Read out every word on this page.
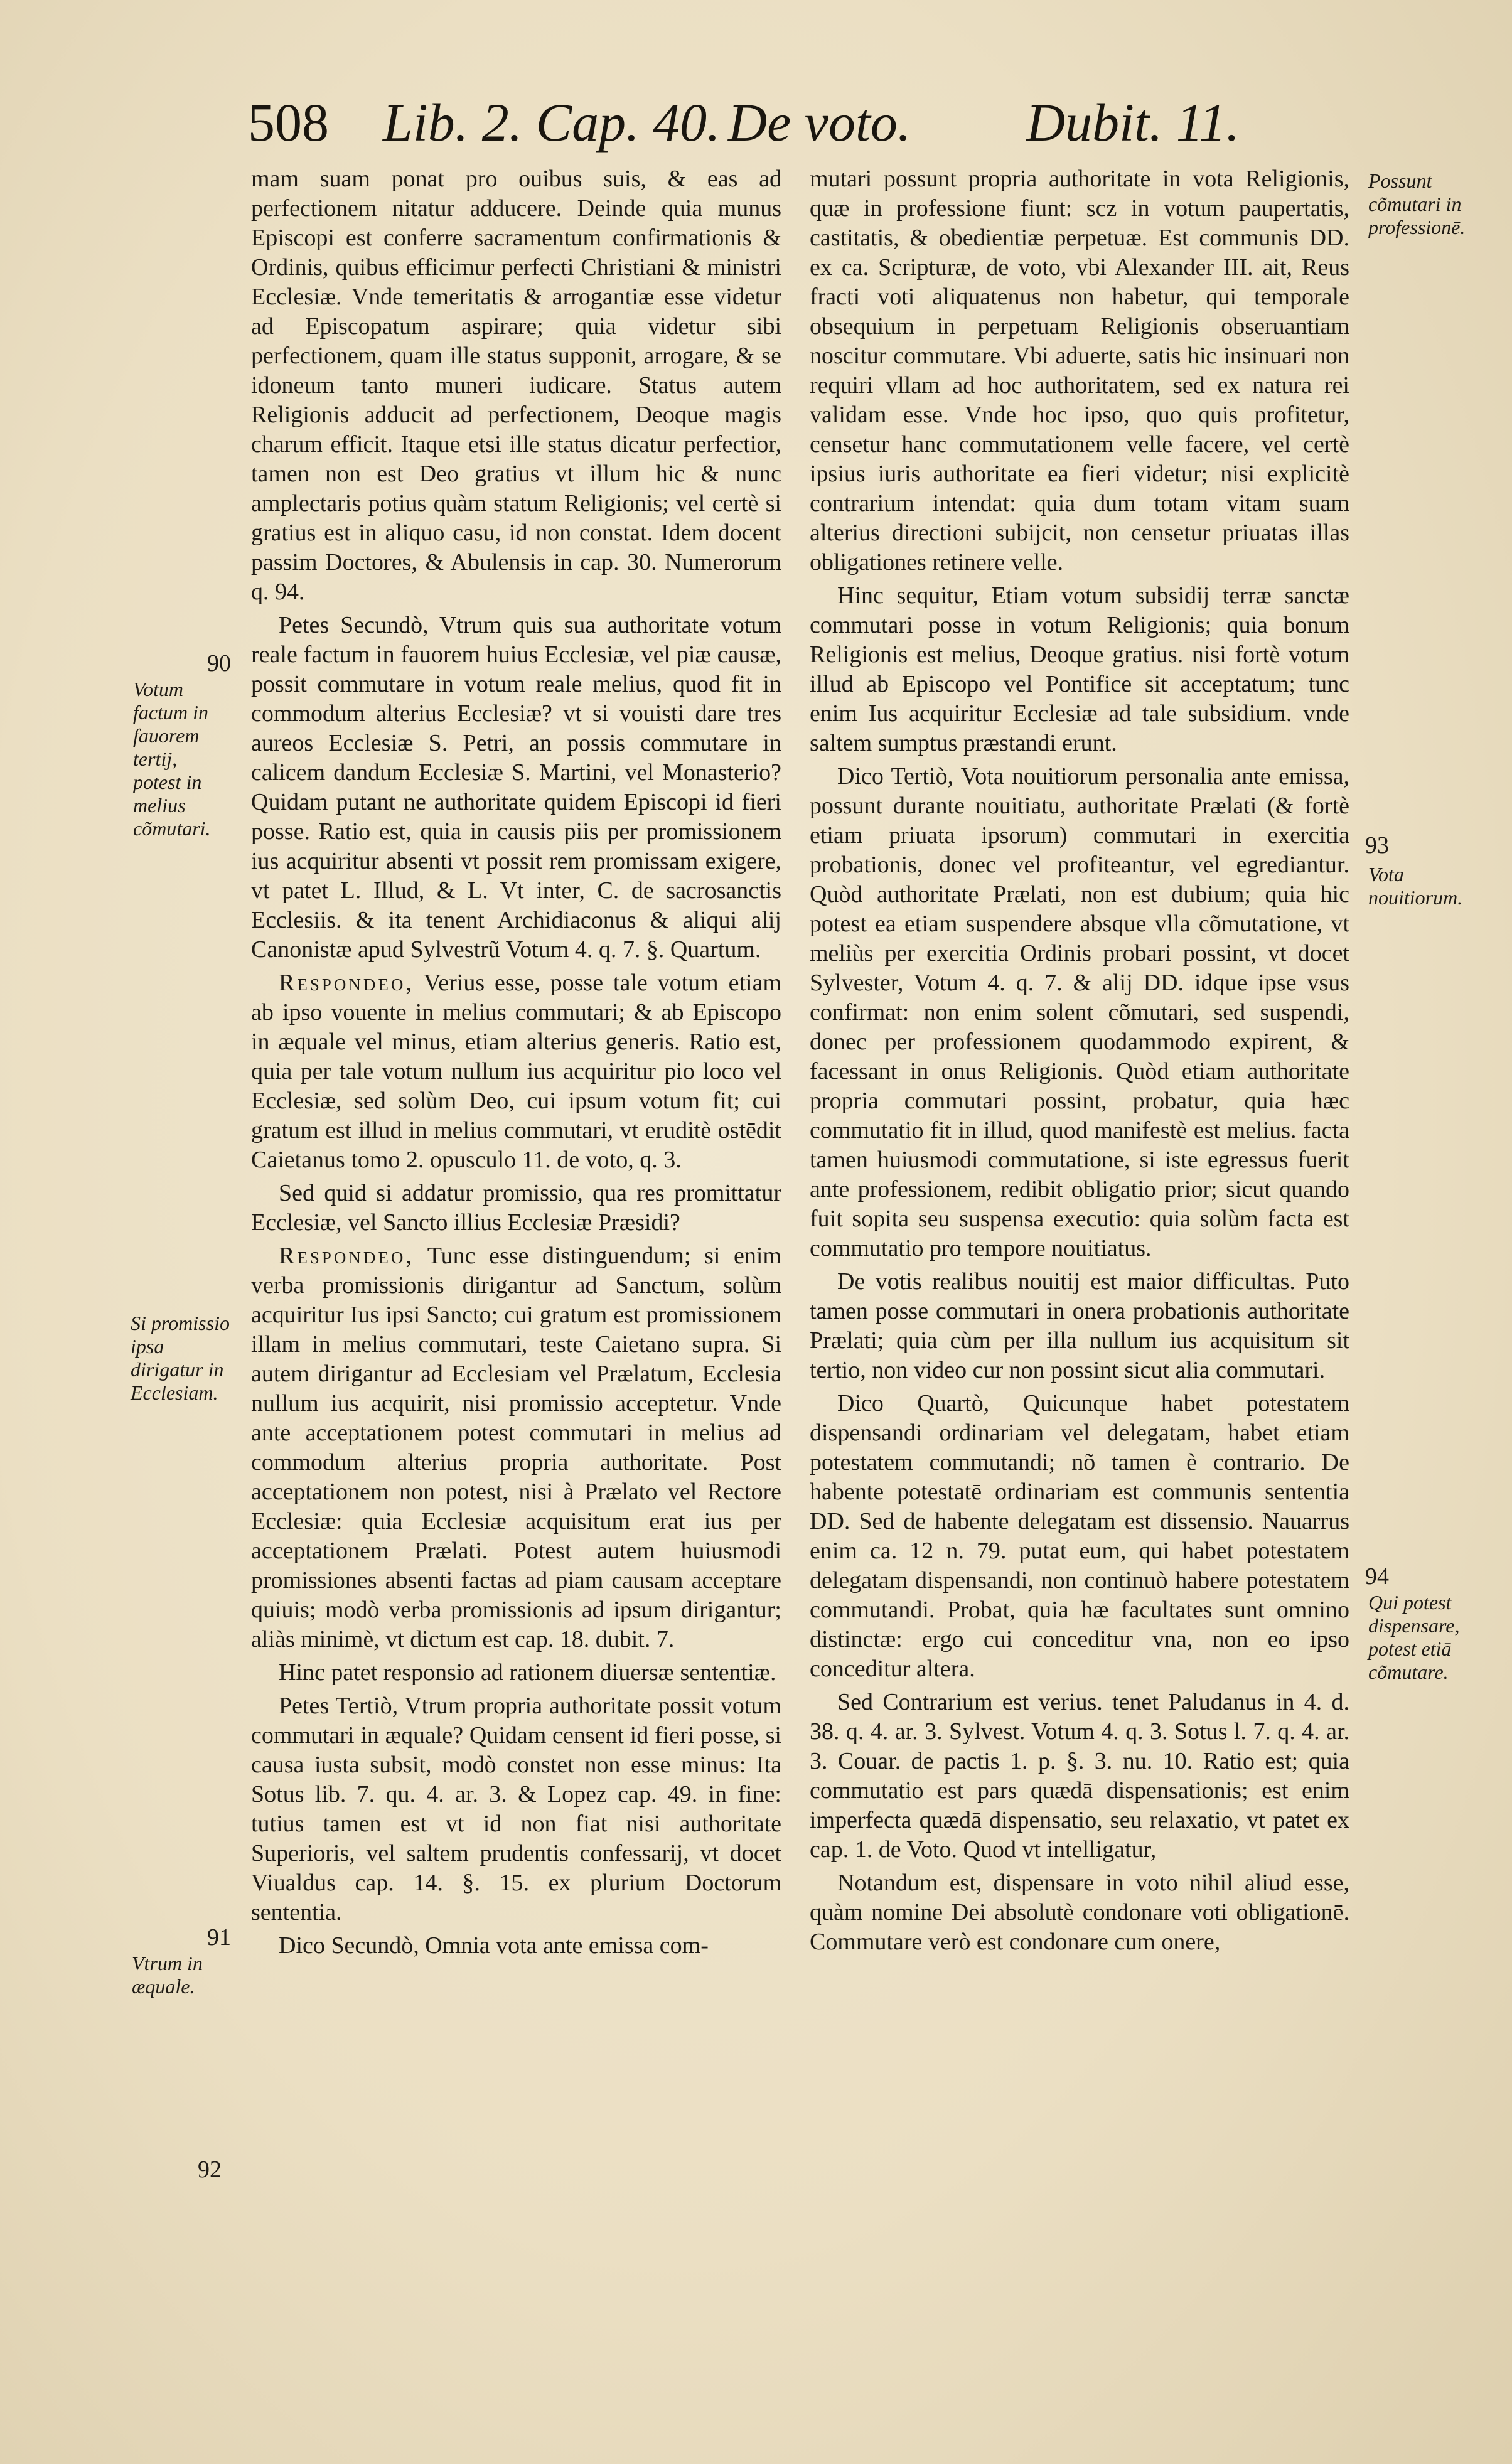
508 Lib. 2. Cap. 40. De voto. Dubit. 11.

mam suam ponat pro ouibus suis, & eas ad perfectionem nitatur adducere. Deinde quia munus Episcopi est conferre sacramentum confirmationis & Ordinis, quibus efficimur perfecti Christiani & ministri Ecclesiæ. Vnde temeritatis & arrogantiæ esse videtur ad Episcopatum aspirare; quia videtur sibi perfectionem, quam ille status supponit, arrogare, & se idoneum tanto muneri iudicare. Status autem Religionis adducit ad perfectionem, Deoque magis charum efficit. Itaque etsi ille status dicatur perfectior, tamen non est Deo gratius vt illum hic & nunc amplectaris potius quàm statum Religionis; vel certè si gratius est in aliquo casu, id non constat. Idem docent passim Doctores, & Abulensis in cap. 30. Numerorum q. 94.

Petes Secundò, Vtrum quis sua authoritate votum reale factum in fauorem huius Ecclesiæ, vel piæ causæ, possit commutare in votum reale melius, quod fit in commodum alterius Ecclesiæ? vt si vouisti dare tres aureos Ecclesiæ S. Petri, an possis commutare in calicem dandum Ecclesiæ S. Martini, vel Monasterio? Quidam putant ne authoritate quidem Episcopi id fieri posse. Ratio est, quia in causis piis per promissionem ius acquiritur absenti vt possit rem promissam exigere, vt patet L. Illud, & L. Vt inter, C. de sacrosanctis Ecclesiis. & ita tenent Archidiaconus & aliqui alij Canonistæ apud Sylvestrũ Votum 4. q. 7. §. Quartum.

Respondeo, Verius esse, posse tale votum etiam ab ipso vouente in melius commutari; & ab Episcopo in æquale vel minus, etiam alterius generis. Ratio est, quia per tale votum nullum ius acquiritur pio loco vel Ecclesiæ, sed solùm Deo, cui ipsum votum fit; cui gratum est illud in melius commutari, vt eruditè ostēdit Caietanus tomo 2. opusculo 11. de voto, q. 3.

Sed quid si addatur promissio, qua res promittatur Ecclesiæ, vel Sancto illius Ecclesiæ Præsidi?

Respondeo, Tunc esse distinguendum; si enim verba promissionis dirigantur ad Sanctum, solùm acquiritur Ius ipsi Sancto; cui gratum est promissionem illam in melius commutari, teste Caietano supra. Si autem dirigantur ad Ecclesiam vel Prælatum, Ecclesia nullum ius acquirit, nisi promissio acceptetur. Vnde ante acceptationem potest commutari in melius ad commodum alterius propria authoritate. Post acceptationem non potest, nisi à Prælato vel Rectore Ecclesiæ: quia Ecclesiæ acquisitum erat ius per acceptationem Prælati. Potest autem huiusmodi promissiones absenti factas ad piam causam acceptare quiuis; modò verba promissionis ad ipsum dirigantur; aliàs minimè, vt dictum est cap. 18. dubit. 7.

Hinc patet responsio ad rationem diuersæ sententiæ.

Petes Tertiò, Vtrum propria authoritate possit votum commutari in æquale? Quidam censent id fieri posse, si causa iusta subsit, modò constet non esse minus: Ita Sotus lib. 7. qu. 4. ar. 3. & Lopez cap. 49. in fine: tutius tamen est vt id non fiat nisi authoritate Superioris, vel saltem prudentis confessarij, vt docet Viualdus cap. 14. §. 15. ex plurium Doctorum sententia.

Dico Secundò, Omnia vota ante emissa com-

mutari possunt propria authoritate in vota Religionis, quæ in professione fiunt: scz in votum paupertatis, castitatis, & obedientiæ perpetuæ. Est communis DD. ex ca. Scripturæ, de voto, vbi Alexander III. ait, Reus fracti voti aliquatenus non habetur, qui temporale obsequium in perpetuam Religionis obseruantiam noscitur commutare. Vbi aduerte, satis hic insinuari non requiri vllam ad hoc authoritatem, sed ex natura rei validam esse. Vnde hoc ipso, quo quis profitetur, censetur hanc commutationem velle facere, vel certè ipsius iuris authoritate ea fieri videtur; nisi explicitè contrarium intendat: quia dum totam vitam suam alterius directioni subijcit, non censetur priuatas illas obligationes retinere velle.

Hinc sequitur, Etiam votum subsidij terræ sanctæ commutari posse in votum Religionis; quia bonum Religionis est melius, Deoque gratius. nisi fortè votum illud ab Episcopo vel Pontifice sit acceptatum; tunc enim Ius acquiritur Ecclesiæ ad tale subsidium. vnde saltem sumptus præstandi erunt.

Dico Tertiò, Vota nouitiorum personalia ante emissa, possunt durante nouitiatu, authoritate Prælati (& fortè etiam priuata ipsorum) commutari in exercitia probationis, donec vel profiteantur, vel egrediantur. Quòd authoritate Prælati, non est dubium; quia hic potest ea etiam suspendere absque vlla cõmutatione, vt meliùs per exercitia Ordinis probari possint, vt docet Sylvester, Votum 4. q. 7. & alij DD. idque ipse vsus confirmat: non enim solent cõmutari, sed suspendi, donec per professionem quodammodo expirent, & facessant in onus Religionis. Quòd etiam authoritate propria commutari possint, probatur, quia hæc commutatio fit in illud, quod manifestè est melius. facta tamen huiusmodi commutatione, si iste egressus fuerit ante professionem, redibit obligatio prior; sicut quando fuit sopita seu suspensa executio: quia solùm facta est commutatio pro tempore nouitiatus.

De votis realibus nouitij est maior difficultas. Puto tamen posse commutari in onera probationis authoritate Prælati; quia cùm per illa nullum ius acquisitum sit tertio, non video cur non possint sicut alia commutari.

Dico Quartò, Quicunque habet potestatem dispensandi ordinariam vel delegatam, habet etiam potestatem commutandi; nõ tamen è contrario. De habente potestatē ordinariam est communis sententia DD. Sed de habente delegatam est dissensio. Nauarrus enim ca. 12 n. 79. putat eum, qui habet potestatem delegatam dispensandi, non continuò habere potestatem commutandi. Probat, quia hæ facultates sunt omnino distinctæ: ergo cui conceditur vna, non eo ipso conceditur altera.

Sed Contrarium est verius. tenet Paludanus in 4. d. 38. q. 4. ar. 3. Sylvest. Votum 4. q. 3. Sotus l. 7. q. 4. ar. 3. Couar. de pactis 1. p. §. 3. nu. 10. Ratio est; quia commutatio est pars quædā dispensationis; est enim imperfecta quædā dispensatio, seu relaxatio, vt patet ex cap. 1. de Voto. Quod vt intelligatur,

Notandum est, dispensare in voto nihil aliud esse, quàm nomine Dei absolutè condonare voti obligationē. Commutare verò est condonare cum onere,

90
91
92
93
94
Votum factum in fauorem tertij, potest in melius cõmutari.
Si promissio ipsa dirigatur in Ecclesiam.
Vtrum in æquale.
Possunt cõmutari in professionē.
Vota nouitiorum.
Qui potest dispensare, potest etiā cõmutare.
